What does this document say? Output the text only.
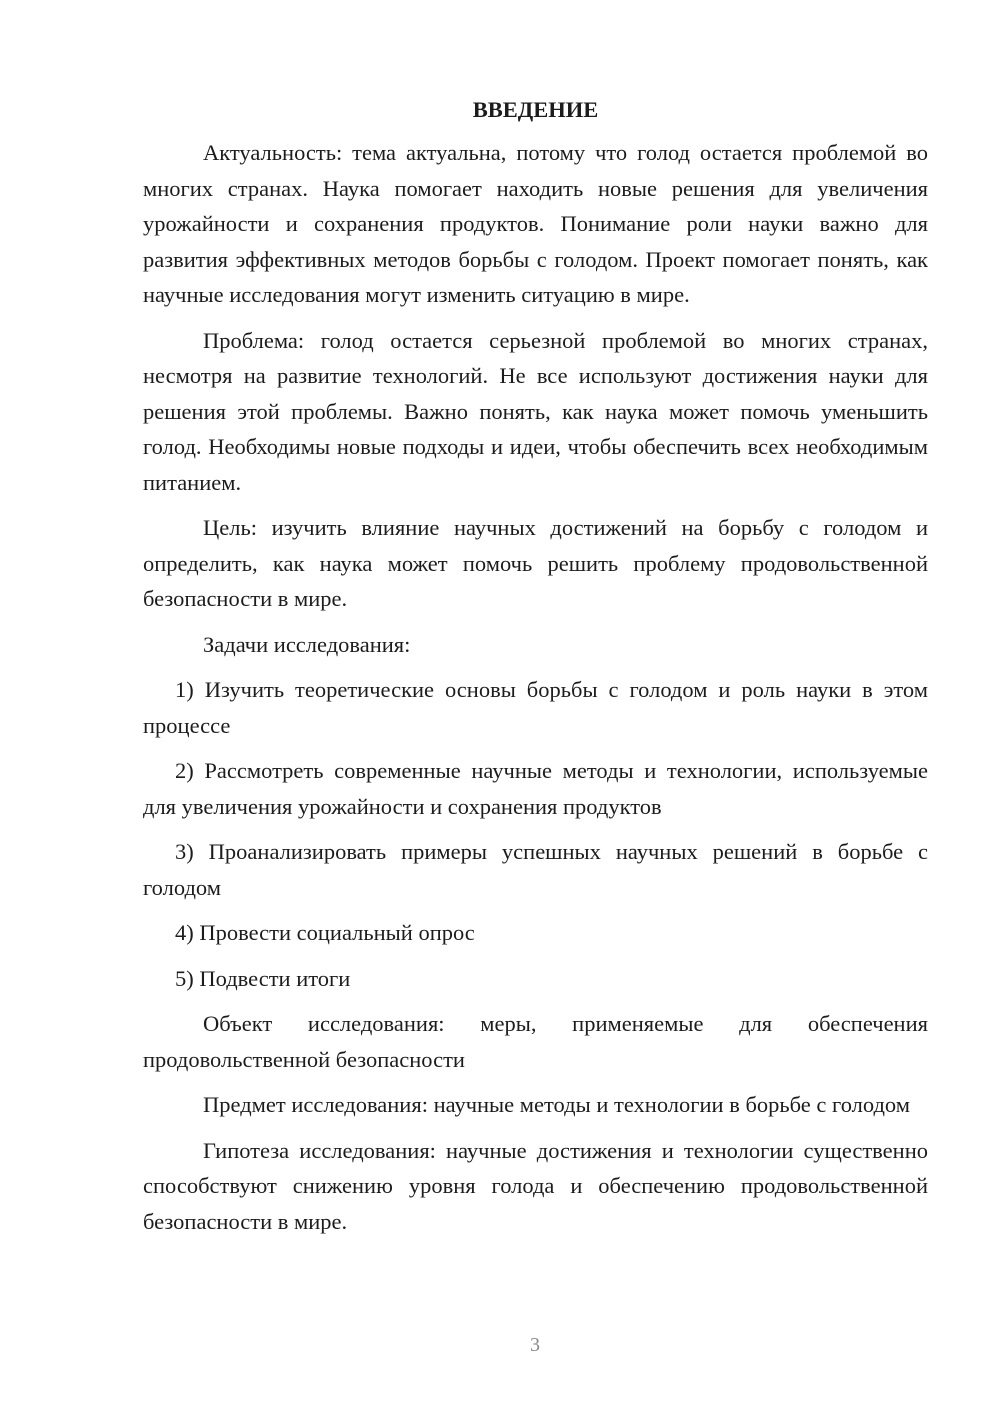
ВВЕДЕНИЕ

Актуальность: тема актуальна, потому что голод остается проблемой во многих странах. Наука помогает находить новые решения для увеличения урожайности и сохранения продуктов. Понимание роли науки важно для развития эффективных методов борьбы с голодом. Проект помогает понять, как научные исследования могут изменить ситуацию в мире.

Проблема: голод остается серьезной проблемой во многих странах, несмотря на развитие технологий. Не все используют достижения науки для решения этой проблемы. Важно понять, как наука может помочь уменьшить голод. Необходимы новые подходы и идеи, чтобы обеспечить всех необходимым питанием.

Цель: изучить влияние научных достижений на борьбу с голодом и определить, как наука может помочь решить проблему продовольственной безопасности в мире.

Задачи исследования:

1) Изучить теоретические основы борьбы с голодом и роль науки в этом процессе

2) Рассмотреть современные научные методы и технологии, используемые для увеличения урожайности и сохранения продуктов

3) Проанализировать примеры успешных научных решений в борьбе с голодом

4) Провести социальный опрос

5) Подвести итоги

Объект исследования: меры, применяемые для обеспечения продовольственной безопасности

Предмет исследования: научные методы и технологии в борьбе с голодом

Гипотеза исследования: научные достижения и технологии существенно способствуют снижению уровня голода и обеспечению продовольственной безопасности в мире.

3
